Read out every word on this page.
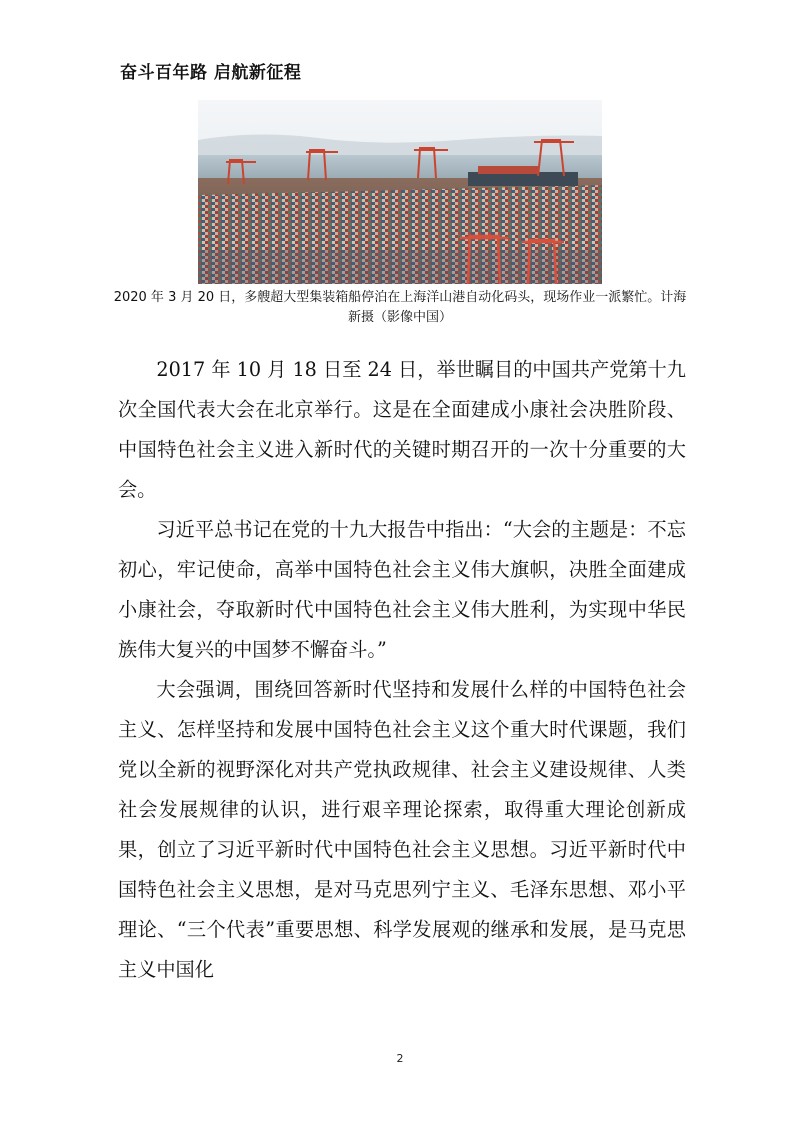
奋斗百年路 启航新征程
2020 年 3 月 20 日，多艘超大型集装箱船停泊在上海洋山港自动化码头，现场作业一派繁忙。计海新摄（影像中国）

2017 年 10 月 18 日至 24 日，举世瞩目的中国共产党第十九次全国代表大会在北京举行。这是在全面建成小康社会决胜阶段、中国特色社会主义进入新时代的关键时期召开的一次十分重要的大会。

习近平总书记在党的十九大报告中指出：“大会的主题是：不忘初心，牢记使命，高举中国特色社会主义伟大旗帜，决胜全面建成小康社会，夺取新时代中国特色社会主义伟大胜利，为实现中华民族伟大复兴的中国梦不懈奋斗。”

大会强调，围绕回答新时代坚持和发展什么样的中国特色社会主义、怎样坚持和发展中国特色社会主义这个重大时代课题，我们党以全新的视野深化对共产党执政规律、社会主义建设规律、人类社会发展规律的认识，进行艰辛理论探索，取得重大理论创新成果，创立了习近平新时代中国特色社会主义思想。习近平新时代中国特色社会主义思想，是对马克思列宁主义、毛泽东思想、邓小平理论、“三个代表”重要思想、科学发展观的继承和发展，是马克思主义中国化

2
